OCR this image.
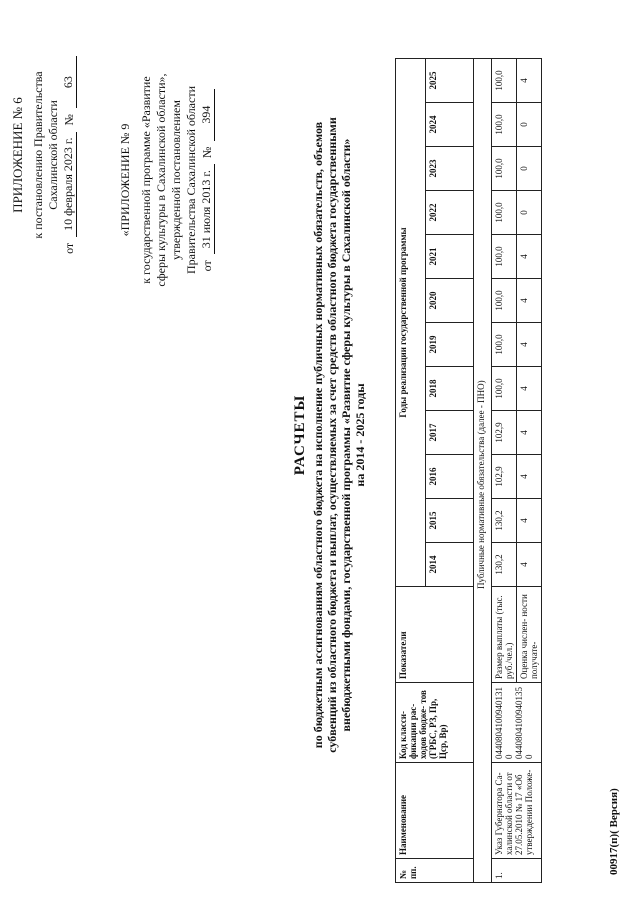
ПРИЛОЖЕНИЕ № 6 к постановлению Правительства Сахалинской области
от
10 февраля 2023 г.
№
63
«ПРИЛОЖЕНИЕ № 9 к государственной программе «Развитие сферы культуры в Сахалинской области», утвержденной постановлением Правительства Сахалинской области от
31 июля 2013 г.
№
394
РАСЧЕТЫ по бюджетным ассигнованиям областного бюджета на исполнение публичных нормативных обязательств, объемов субвенций из областного бюджета и выплат, осуществляемых за счет средств областного бюджета государственными внебюджетными фондами, государственной программы «Развитие сферы культуры в Сахалинской области» на 2014 - 2025 годы
№ пп.	Наименование	Код класси- фикации рас- ходов бюдже- тов (ГРБС, РЗ, Пр, Цср, Вр)	Показатели	Годы реализации государственной программы											
				2014	2015	2016	2017	2018	2019	2020	2021	2022	2023	2024	2025
Публичные нормативные обязательства (далее - ПНО)															
1.	Указ Губернатора Са- халинской области от 27.05.2010 № 17 «Об утверждении Положе-	04408041009401310 04408041009401350	Размер выплаты (тыс. руб./чел.)	130,2	130,2	102,9	102,9	100,0	100,0	100,0	100,0	100,0	100,0	100,0	100,0
			Оценка числен- ности получате-	4	4	4	4	4	4	4	4	0	0	0	4
00917(п)( Версия)
